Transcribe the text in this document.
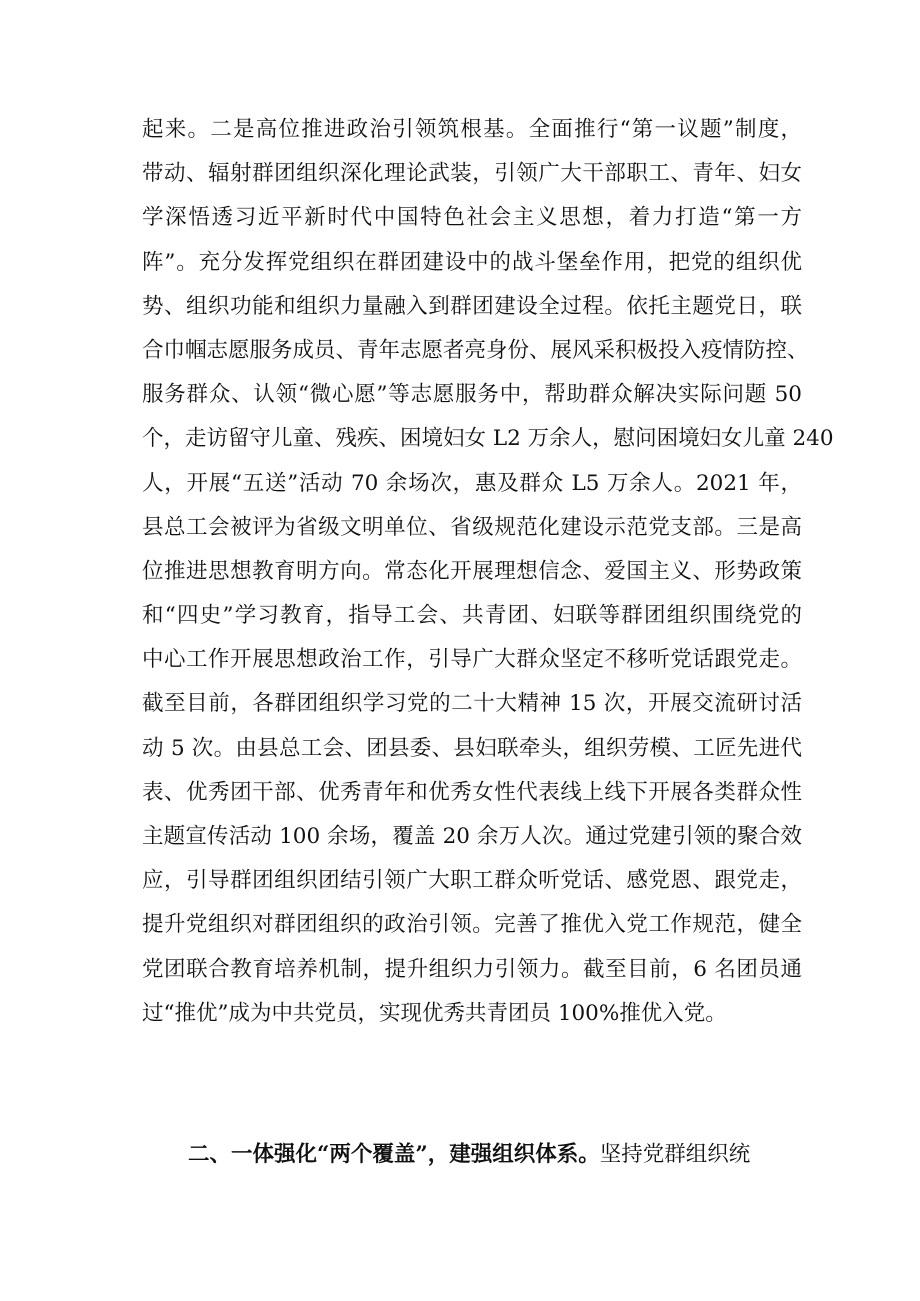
起来。二是高位推进政治引领筑根基。全面推行“第一议题”制度，
带动、辐射群团组织深化理论武装，引领广大干部职工、青年、妇女
学深悟透习近平新时代中国特色社会主义思想，着力打造“第一方
阵”。充分发挥党组织在群团建设中的战斗堡垒作用，把党的组织优
势、组织功能和组织力量融入到群团建设全过程。依托主题党日，联
合巾帼志愿服务成员、青年志愿者亮身份、展风采积极投入疫情防控、
服务群众、认领“微心愿”等志愿服务中，帮助群众解决实际问题 50
个，走访留守儿童、残疾、困境妇女 L2 万余人，慰问困境妇女儿童 240
人，开展“五送”活动 70 余场次，惠及群众 L5 万余人。2021 年，
县总工会被评为省级文明单位、省级规范化建设示范党支部。三是高
位推进思想教育明方向。常态化开展理想信念、爱国主义、形势政策
和“四史”学习教育，指导工会、共青团、妇联等群团组织围绕党的
中心工作开展思想政治工作，引导广大群众坚定不移听党话跟党走。
截至目前，各群团组织学习党的二十大精神 15 次，开展交流研讨活
动 5 次。由县总工会、团县委、县妇联牵头，组织劳模、工匠先进代
表、优秀团干部、优秀青年和优秀女性代表线上线下开展各类群众性
主题宣传活动 100 余场，覆盖 20 余万人次。通过党建引领的聚合效
应，引导群团组织团结引领广大职工群众听党话、感党恩、跟党走，
提升党组织对群团组织的政治引领。完善了推优入党工作规范，健全
党团联合教育培养机制，提升组织力引领力。截至目前，6 名团员通
过“推优”成为中共党员，实现优秀共青团员 100%推优入党。
二、一体强化“两个覆盖”，建强组织体系。坚持党群组织统
